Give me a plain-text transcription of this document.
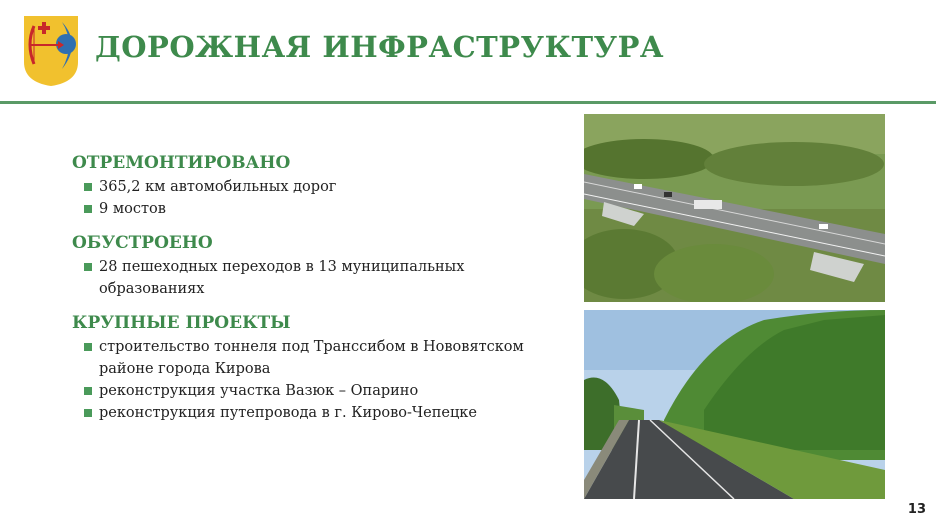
ДОРОЖНАЯ ИНФРАСТРУКТУРА
ОТРЕМОНТИРОВАНО
365,2 км автомобильных дорог
9 мостов
ОБУСТРОЕНО
28 пешеходных переходов в 13 муниципальных образованиях
КРУПНЫЕ ПРОЕКТЫ
строительство тоннеля под Транссибом в Нововятском районе города Кирова
реконструкция участка Вазюк – Опарино
реконструкция путепровода в г. Кирово-Чепецке
13
